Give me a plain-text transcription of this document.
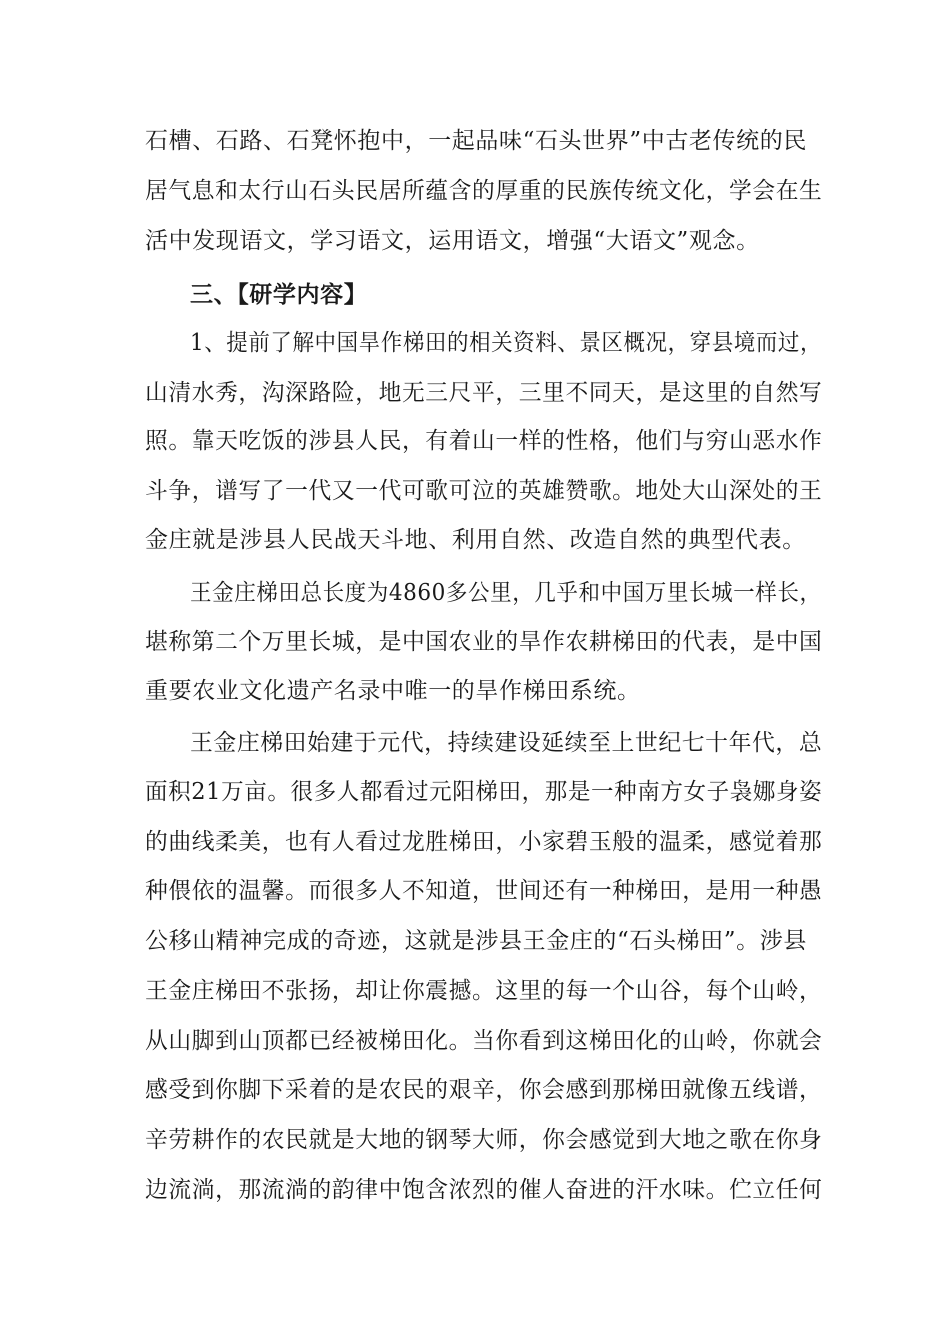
石槽、石路、石凳怀抱中，一起品味“石头世界”中古老传统的民
居气息和太行山石头民居所蕴含的厚重的民族传统文化，学会在生
活中发现语文，学习语文，运用语文，增强“大语文”观念。
三、【研学内容】
1、提前了解中国旱作梯田的相关资料、景区概况，穿县境而过，
山清水秀，沟深路险，地无三尺平，三里不同天，是这里的自然写
照。靠天吃饭的涉县人民，有着山一样的性格，他们与穷山恶水作
斗争，谱写了一代又一代可歌可泣的英雄赞歌。地处大山深处的王
金庄就是涉县人民战天斗地、利用自然、改造自然的典型代表。
王金庄梯田总长度为4860多公里，几乎和中国万里长城一样长，
堪称第二个万里长城，是中国农业的旱作农耕梯田的代表，是中国
重要农业文化遗产名录中唯一的旱作梯田系统。
王金庄梯田始建于元代，持续建设延续至上世纪七十年代，总
面积21万亩。很多人都看过元阳梯田，那是一种南方女子袅娜身姿
的曲线柔美，也有人看过龙胜梯田，小家碧玉般的温柔，感觉着那
种偎依的温馨。而很多人不知道，世间还有一种梯田，是用一种愚
公移山精神完成的奇迹，这就是涉县王金庄的“石头梯田”。涉县
王金庄梯田不张扬，却让你震撼。这里的每一个山谷，每个山岭，
从山脚到山顶都已经被梯田化。当你看到这梯田化的山岭，你就会
感受到你脚下采着的是农民的艰辛，你会感到那梯田就像五线谱，
辛劳耕作的农民就是大地的钢琴大师，你会感觉到大地之歌在你身
边流淌，那流淌的韵律中饱含浓烈的催人奋进的汗水味。伫立任何
